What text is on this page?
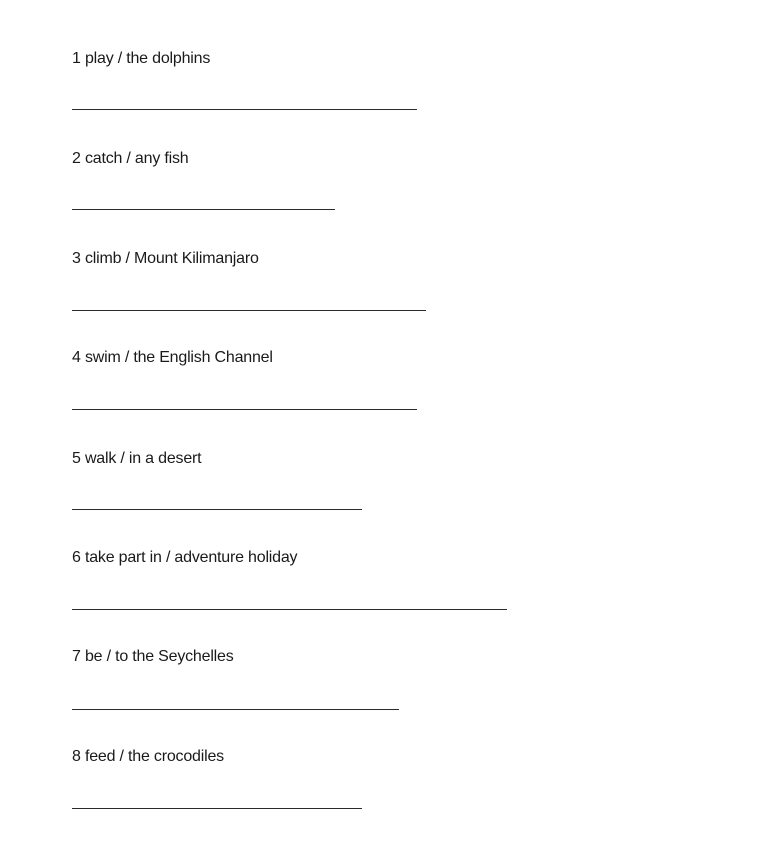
1 play / the dolphins
2 catch / any fish
3 climb / Mount Kilimanjaro
4 swim / the English Channel
5 walk / in a desert
6 take part in / adventure holiday
7 be / to the Seychelles
8 feed / the crocodiles
